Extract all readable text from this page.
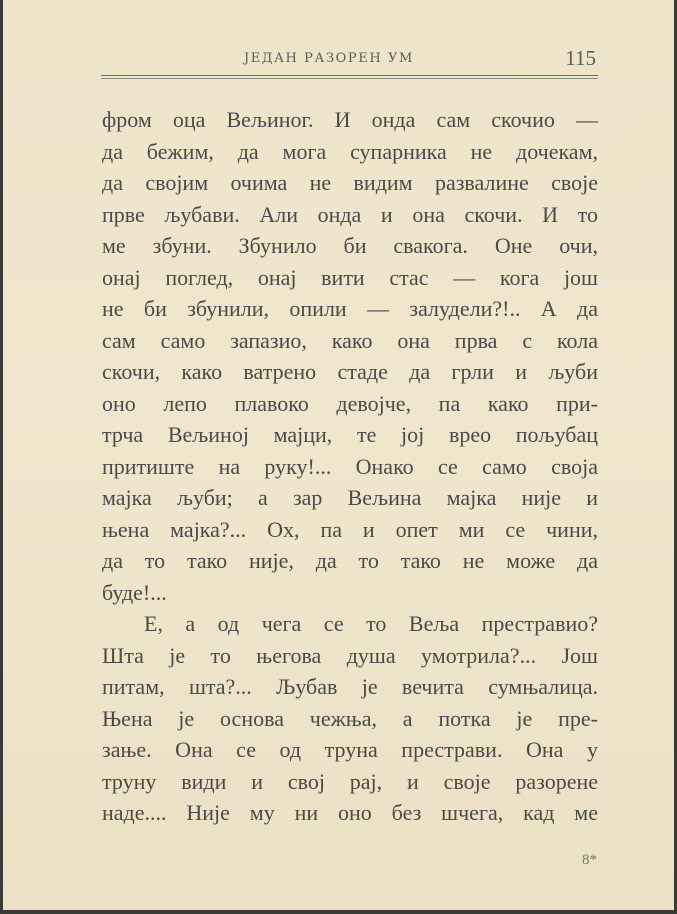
ЈЕДАН РАЗОРЕН УМ	115
фром оца Вељиног. И онда сам скочио —
да бежим, да мога супарника не дочекам,
да својим очима не видим развалине своје
прве љубави. Али онда и она скочи. И то
ме збуни. Збунило би свакога. Оне очи,
онај поглед, онај вити стас — кога још
не би збунили, опили — залудели?!.. А да
сам само запазио, како она прва с кола
скочи, како ватрено стаде да грли и љуби
оно лепо плавоко девојче, па како при-
трча Вељиној мајци, те јој врео пољубац
притиште на руку!... Онако се само своја
мајка љуби; а зар Вељина мајка није и
њена мајка?... Ох, па и опет ми се чини,
да то тако није, да то тако не може да
буде!...
Е, а од чега се то Веља престравио?
Шта је то његова душа умотрила?... Још
питам, шта?... Љубав је вечита сумњалица.
Њена је основа чежња, а потка је пре-
зање. Она се од труна престрави. Она у
труну види и свој рај, и своје разорене
наде.... Није му ни оно без шчега, кад ме
8*
